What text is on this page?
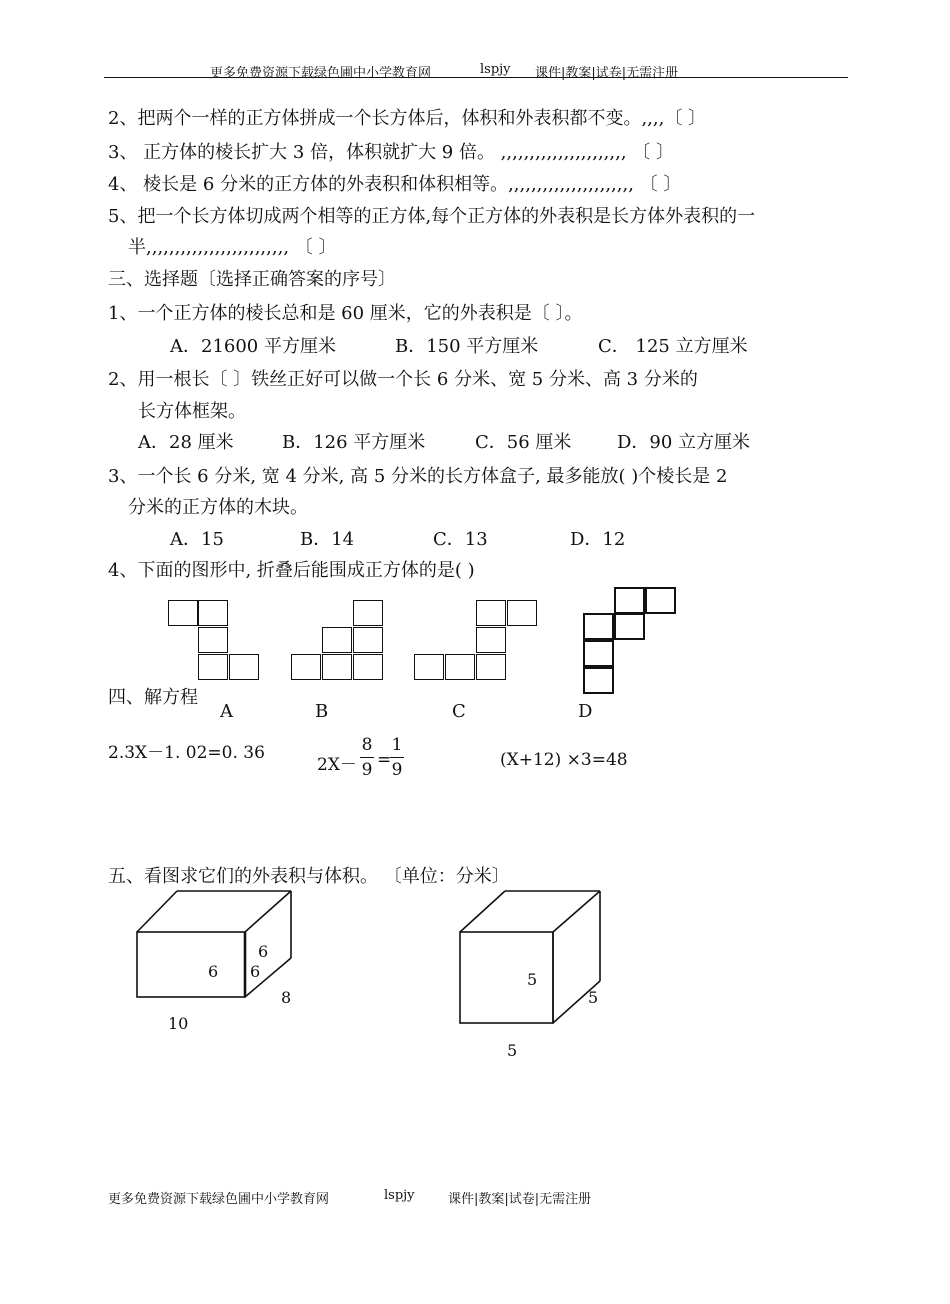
更多免费资源下载绿色圃中小学教育网	lspjy 课件|教案|试卷|无需注册
2、把两个一样的正方体拼成一个长方体后，体积和外表积都不变。,,,,〔 〕
3、 正方体的棱长扩大 3 倍，体积就扩大 9 倍。 ,,,,,,,,,,,,,,,,,,,,,, 〔 〕
4、 棱长是 6 分米的正方体的外表积和体积相等。,,,,,,,,,,,,,,,,,,,,,, 〔 〕
5、把一个长方体切成两个相等的正方体,每个正方体的外表积是长方体外表积的一
半,,,,,,,,,,,,,,,,,,,,,,,,, 〔 〕
三、选择题〔选择正确答案的序号〕
1、一个正方体的棱长总和是 60 厘米，它的外表积是〔 〕。
A．21600 平方厘米	B．150 平方厘米	C． 125 立方厘米
2、用一根长〔 〕铁丝正好可以做一个长 6 分米、宽 5 分米、高 3 分米的
长方体框架。
A．28 厘米	B．126 平方厘米	C．56 厘米	D．90 立方厘米
3、一个长 6 分米, 宽 4 分米, 高 5 分米的长方体盒子, 最多能放( )个棱长是 2
分米的正方体的木块。
A．15	B．14	C．13	D．12
4、下面的图形中, 折叠后能围成正方体的是( )
四、解方程
A	B	C	D
2.3X－1. 02=0. 36
2X－
8
9 =
1
9	(X+12) ×3=48
五、看图求它们的外表积与体积。 〔单位：分米〕
6
6 6
8
10
5
5
5
更多免费资源下载绿色圃中小学教育网	lspjy	课件|教案|试卷|无需注册
